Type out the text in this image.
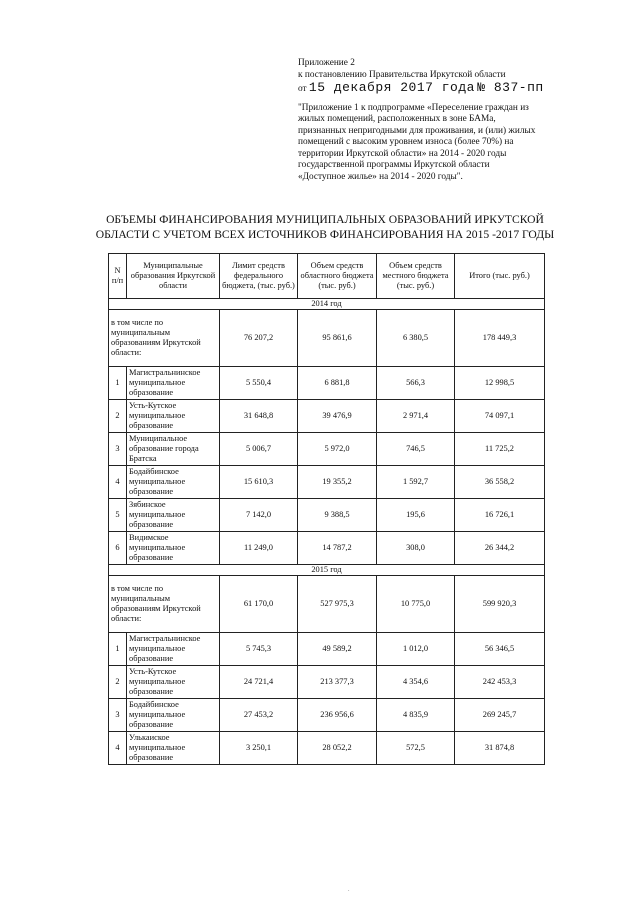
Приложение 2
к постановлению Правительства Иркутской области
от 15 декабря 2017 года № 837-пп
"Приложение 1 к подпрограмме «Переселение граждан из
жилых помещений, расположенных в зоне БАМа,
признанных непригодными для проживания, и (или) жилых
помещений с высоким уровнем износа (более 70%) на
территории Иркутской области» на 2014 - 2020 годы
государственной программы Иркутской области
«Доступное жилье» на 2014 - 2020 годы".
ОБЪЕМЫ ФИНАНСИРОВАНИЯ МУНИЦИПАЛЬНЫХ ОБРАЗОВАНИЙ ИРКУТСКОЙ
ОБЛАСТИ С УЧЕТОМ ВСЕХ ИСТОЧНИКОВ ФИНАНСИРОВАНИЯ НА 2015 -2017 ГОДЫ
N п/п	Муниципальные образования Иркутской области	Лимит средств федерального бюджета, (тыс. руб.)	Объем средств областного бюджета (тыс. руб.)	Объем средств местного бюджета (тыс. руб.)	Итого (тыс. руб.)
2014 год					
в том числе по муниципальным образованиям Иркутской области:		76 207,2	95 861,6	6 380,5	178 449,3
1	Магистральнинское муниципальное образование	5 550,4	6 881,8	566,3	12 998,5
2	Усть-Кутское муниципальное образование	31 648,8	39 476,9	2 971,4	74 097,1
3	Муниципальное образование города Братска	5 006,7	5 972,0	746,5	11 725,2
4	Бодайбинское муниципальное образование	15 610,3	19 355,2	1 592,7	36 558,2
5	Зябинское муниципальное образование	7 142,0	9 388,5	195,6	16 726,1
6	Видимское муниципальное образование	11 249,0	14 787,2	308,0	26 344,2
2015 год					
в том числе по муниципальным образованиям Иркутской области:		61 170,0	527 975,3	10 775,0	599 920,3
1	Магистральнинское муниципальное образование	5 745,3	49 589,2	1 012,0	56 346,5
2	Усть-Кутское муниципальное образование	24 721,4	213 377,3	4 354,6	242 453,3
3	Бодайбинское муниципальное образование	27 453,2	236 956,6	4 835,9	269 245,7
4	Улькаиское муниципальное образование	3 250,1	28 052,2	572,5	31 874,8
.
